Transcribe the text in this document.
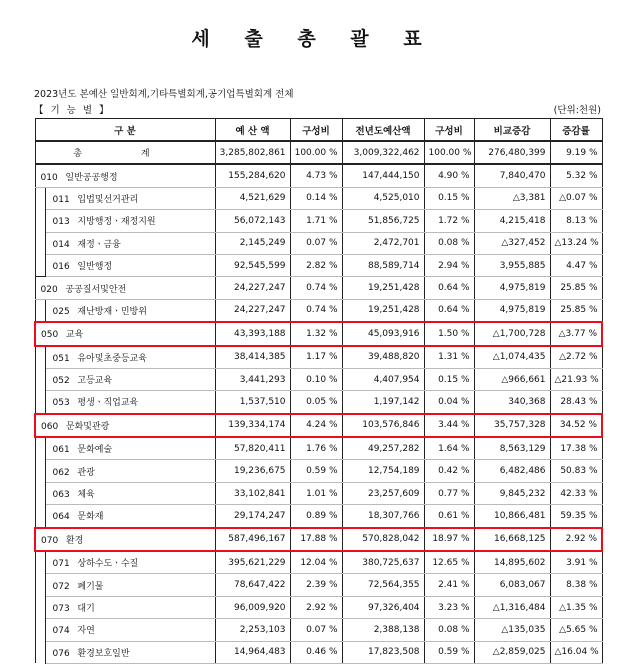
세 출 총 괄 표
2023년도 본예산 일반회계,기타특별회계,공기업특별회계 전체
【 기 능 별 】	(단위:천원)
구 분		예 산 액	구성비	전년도예산액	구성비	비교증감	증감률

총 계		3,285,802,861	100.00 %	3,009,322,462	100.00 %	276,480,399	9.19 %
010 일반공공행정		155,284,620	4.73 %	147,444,150	4.90 %	7,840,470	5.32 %
	011 입법및선거관리	4,521,629	0.14 %	4,525,010	0.15 %	△3,381	△0.07 %
	013 지방행정ㆍ재정지원	56,072,143	1.71 %	51,856,725	1.72 %	4,215,418	8.13 %
	014 재정ㆍ금융	2,145,249	0.07 %	2,472,701	0.08 %	△327,452	△13.24 %
	016 일반행정	92,545,599	2.82 %	88,589,714	2.94 %	3,955,885	4.47 %
020 공공질서및안전		24,227,247	0.74 %	19,251,428	0.64 %	4,975,819	25.85 %
	025 재난방재ㆍ민방위	24,227,247	0.74 %	19,251,428	0.64 %	4,975,819	25.85 %
050 교육		43,393,188	1.32 %	45,093,916	1.50 %	△1,700,728	△3.77 %
	051 유아및초중등교육	38,414,385	1.17 %	39,488,820	1.31 %	△1,074,435	△2.72 %
	052 고등교육	3,441,293	0.10 %	4,407,954	0.15 %	△966,661	△21.93 %
	053 평생ㆍ직업교육	1,537,510	0.05 %	1,197,142	0.04 %	340,368	28.43 %
060 문화및관광		139,334,174	4.24 %	103,576,846	3.44 %	35,757,328	34.52 %
	061 문화예술	57,820,411	1.76 %	49,257,282	1.64 %	8,563,129	17.38 %
	062 관광	19,236,675	0.59 %	12,754,189	0.42 %	6,482,486	50.83 %
	063 체육	33,102,841	1.01 %	23,257,609	0.77 %	9,845,232	42.33 %
	064 문화재	29,174,247	0.89 %	18,307,766	0.61 %	10,866,481	59.35 %
070 환경		587,496,167	17.88 %	570,828,042	18.97 %	16,668,125	2.92 %
	071 상하수도ㆍ수질	395,621,229	12.04 %	380,725,637	12.65 %	14,895,602	3.91 %
	072 폐기물	78,647,422	2.39 %	72,564,355	2.41 %	6,083,067	8.38 %
	073 대기	96,009,920	2.92 %	97,326,404	3.23 %	△1,316,484	△1.35 %
	074 자연	2,253,103	0.07 %	2,388,138	0.08 %	△135,035	△5.65 %
	076 환경보호일반	14,964,483	0.46 %	17,823,508	0.59 %	△2,859,025	△16.04 %
